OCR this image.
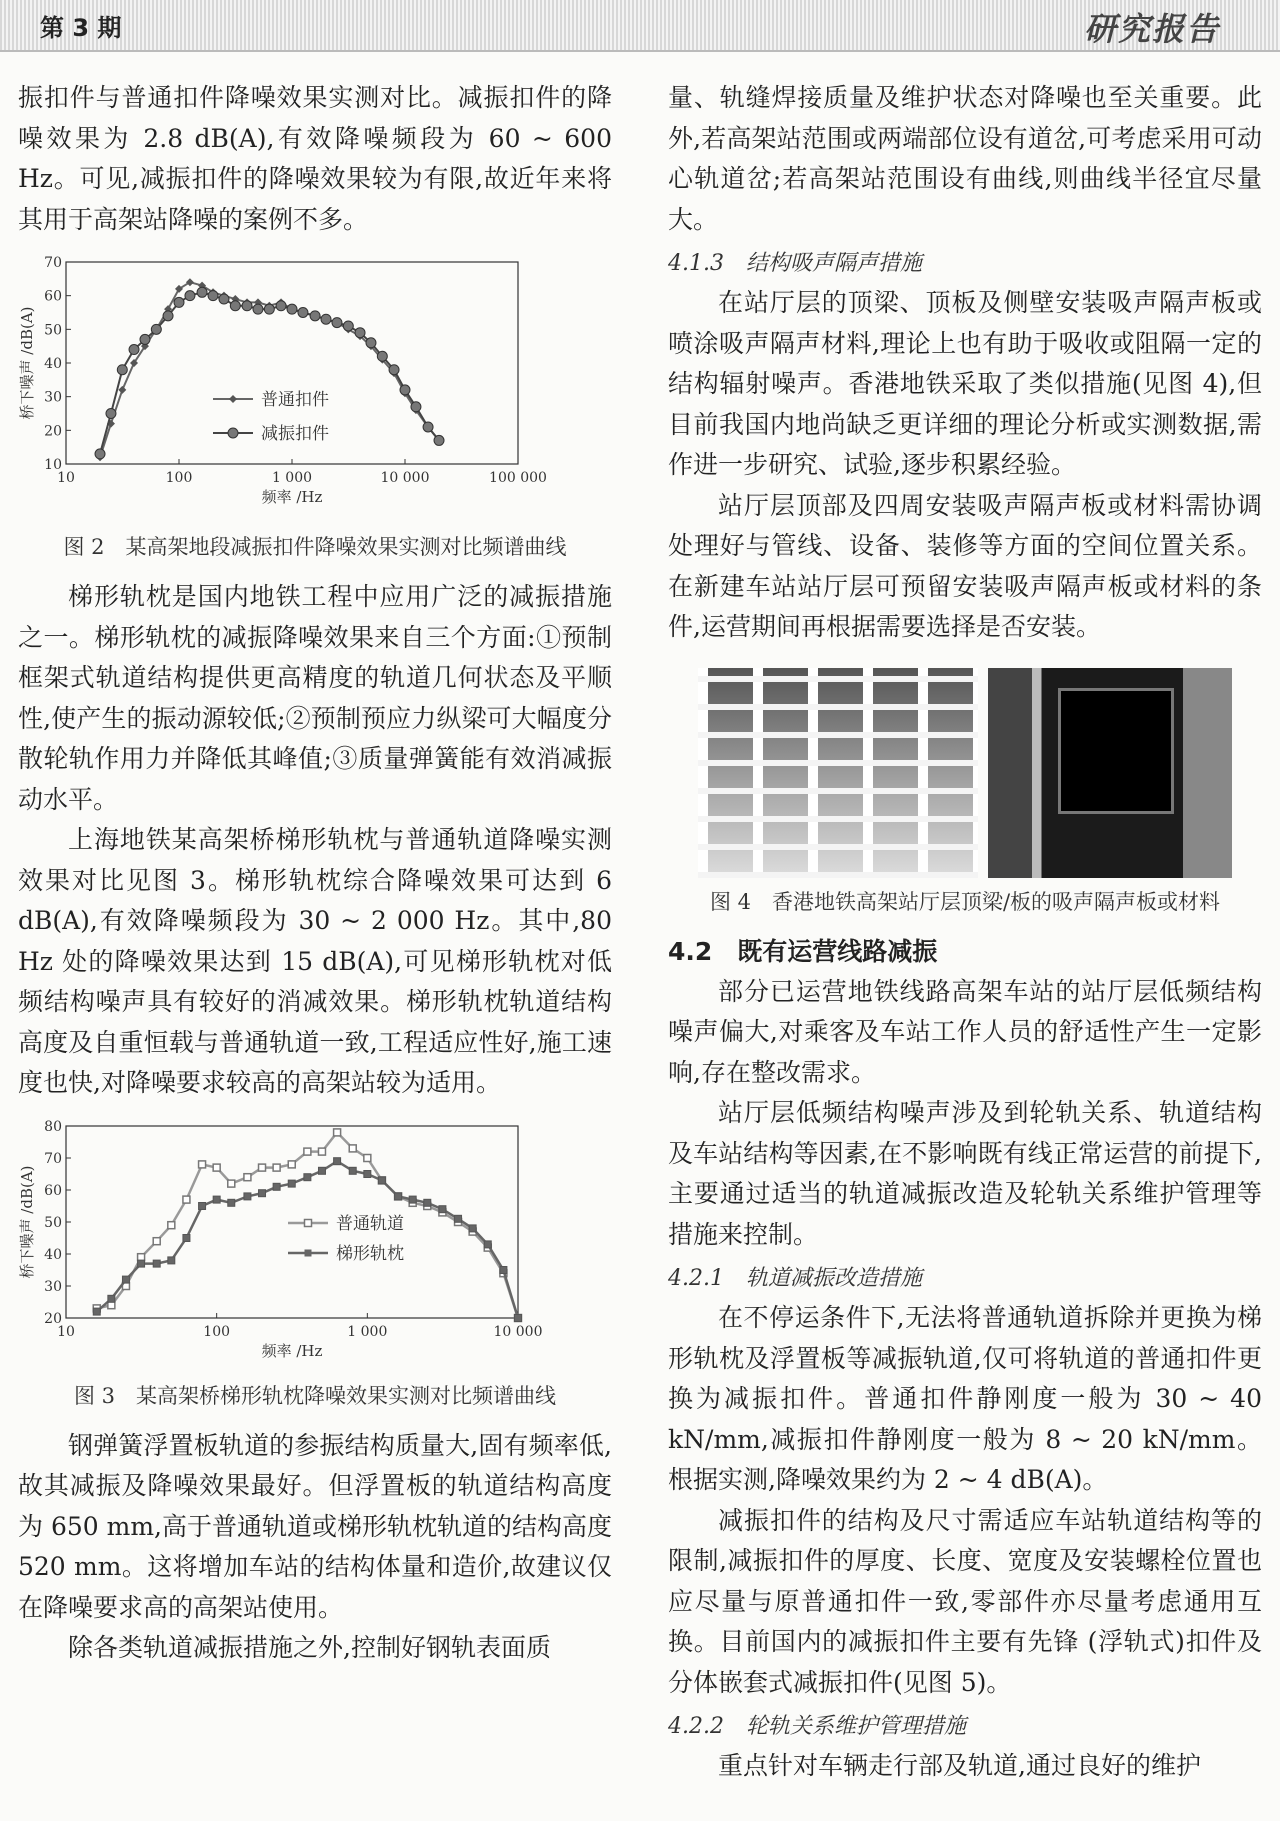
第 3 期	研究报告

振扣件与普通扣件降噪效果实测对比。减振扣件的降噪效果为 2.8 dB(A),有效降噪频段为 60 ~ 600 Hz。可见,减振扣件的降噪效果较为有限,故近年来将其用于高架站降噪的案例不多。

10	100	1 000	10 000	100 000
10
20
30
40
50
60
70
频率 /Hz
桥下噪声 /dB(A)	普通扣件
减振扣件
图 2　某高架地段减振扣件降噪效果实测对比频谱曲线

梯形轨枕是国内地铁工程中应用广泛的减振措施之一。梯形轨枕的减振降噪效果来自三个方面:①预制框架式轨道结构提供更高精度的轨道几何状态及平顺性,使产生的振动源较低;②预制预应力纵梁可大幅度分散轮轨作用力并降低其峰值;③质量弹簧能有效消减振动水平。

上海地铁某高架桥梯形轨枕与普通轨道降噪实测效果对比见图 3。梯形轨枕综合降噪效果可达到 6 dB(A),有效降噪频段为 30 ~ 2 000 Hz。其中,80 Hz 处的降噪效果达到 15 dB(A),可见梯形轨枕对低频结构噪声具有较好的消减效果。梯形轨枕轨道结构高度及自重恒载与普通轨道一致,工程适应性好,施工速度也快,对降噪要求较高的高架站较为适用。

10	100	1 000	10 000
20
30
40
50
60
70
80
频率 /Hz
桥下噪声 /dB(A)	普通轨道
梯形轨枕
图 3　某高架桥梯形轨枕降噪效果实测对比频谱曲线

钢弹簧浮置板轨道的参振结构质量大,固有频率低,故其减振及降噪效果最好。但浮置板的轨道结构高度为 650 mm,高于普通轨道或梯形轨枕轨道的结构高度 520 mm。这将增加车站的结构体量和造价,故建议仅在降噪要求高的高架站使用。

除各类轨道减振措施之外,控制好钢轨表面质

量、轨缝焊接质量及维护状态对降噪也至关重要。此外,若高架站范围或两端部位设有道岔,可考虑采用可动心轨道岔;若高架站范围设有曲线,则曲线半径宜尽量大。

4.1.3　结构吸声隔声措施

在站厅层的顶梁、顶板及侧壁安装吸声隔声板或喷涂吸声隔声材料,理论上也有助于吸收或阻隔一定的结构辐射噪声。香港地铁采取了类似措施(见图 4),但目前我国内地尚缺乏更详细的理论分析或实测数据,需作进一步研究、试验,逐步积累经验。

站厅层顶部及四周安装吸声隔声板或材料需协调处理好与管线、设备、装修等方面的空间位置关系。在新建车站站厅层可预留安装吸声隔声板或材料的条件,运营期间再根据需要选择是否安装。

图 4　香港地铁高架站厅层顶梁/板的吸声隔声板或材料
4.2　既有运营线路减振

部分已运营地铁线路高架车站的站厅层低频结构噪声偏大,对乘客及车站工作人员的舒适性产生一定影响,存在整改需求。

站厅层低频结构噪声涉及到轮轨关系、轨道结构及车站结构等因素,在不影响既有线正常运营的前提下,主要通过适当的轨道减振改造及轮轨关系维护管理等措施来控制。

4.2.1　轨道减振改造措施

在不停运条件下,无法将普通轨道拆除并更换为梯形轨枕及浮置板等减振轨道,仅可将轨道的普通扣件更换为减振扣件。普通扣件静刚度一般为 30 ~ 40 kN/mm,减振扣件静刚度一般为 8 ~ 20 kN/mm。根据实测,降噪效果约为 2 ~ 4 dB(A)。

减振扣件的结构及尺寸需适应车站轨道结构等的限制,减振扣件的厚度、长度、宽度及安装螺栓位置也应尽量与原普通扣件一致,零部件亦尽量考虑通用互换。目前国内的减振扣件主要有先锋 (浮轨式)扣件及分体嵌套式减振扣件(见图 5)。

4.2.2　轮轨关系维护管理措施

重点针对车辆走行部及轨道,通过良好的维护
